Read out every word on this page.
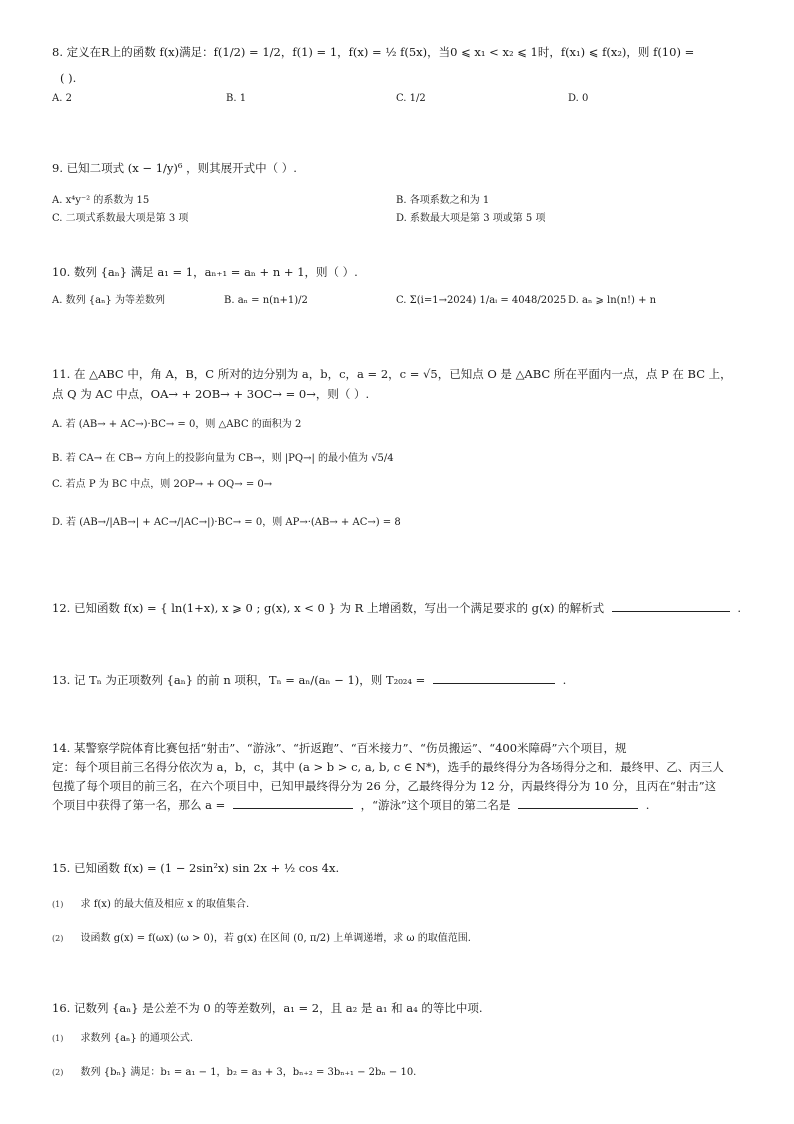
8. 定义在R上的函数 f(x)满足：f(1/2) = 1/2，f(1) = 1，f(x) = ½ f(5x)，当0 ⩽ x₁ < x₂ ⩽ 1时，f(x₁) ⩽ f(x₂)，则 f(10) =
( ).
A. 2	B. 1	C. 1/2	D. 0
9. 已知二项式 (x − 1/y)⁶ ，则其展开式中（ ）.
A. x⁴y⁻² 的系数为 15	B. 各项系数之和为 1
C. 二项式系数最大项是第 3 项	D. 系数最大项是第 3 项或第 5 项
10. 数列 {aₙ} 满足 a₁ = 1，aₙ₊₁ = aₙ + n + 1，则（ ）.
A. 数列 {aₙ} 为等差数列	B. aₙ = n(n+1)/2	C. Σ(i=1→2024) 1/aᵢ = 4048/2025 D. aₙ ⩾ ln(n!) + n
11. 在 △ABC 中，角 A，B，C 所对的边分别为 a，b，c，a = 2，c = √5，已知点 O 是 △ABC 所在平面内一点，点 P 在 BC 上，
点 Q 为 AC 中点，OA→ + 2OB→ + 3OC→ = 0→，则（ ）.
A. 若 (AB→ + AC→)·BC→ = 0，则 △ABC 的面积为 2
B. 若 CA→ 在 CB→ 方向上的投影向量为 CB→，则 |PQ→| 的最小值为 √5/4
C. 若点 P 为 BC 中点，则 2OP→ + OQ→ = 0→
D. 若 (AB→/|AB→| + AC→/|AC→|)·BC→ = 0，则 AP→·(AB→ + AC→) = 8
12. 已知函数 f(x) = { ln(1+x), x ⩾ 0 ; g(x), x < 0 } 为 R 上增函数，写出一个满足要求的 g(x) 的解析式	.
13. 记 Tₙ 为正项数列 {aₙ} 的前 n 项积，Tₙ = aₙ/(aₙ − 1)，则 T₂₀₂₄ =	.
14. 某警察学院体育比赛包括“射击”、“游泳”、“折返跑”、“百米接力”、“伤员搬运”、“400米障碍”六个项目，规
定：每个项目前三名得分依次为 a，b，c，其中 (a > b > c, a, b, c ∈ N*)，选手的最终得分为各场得分之和．最终甲、乙、丙三人
包揽了每个项目的前三名，在六个项目中，已知甲最终得分为 26 分，乙最终得分为 12 分，丙最终得分为 10 分，且丙在“射击”这
个项目中获得了第一名，那么 a =	，“游泳”这个项目的第二名是	.
15. 已知函数 f(x) = (1 − 2sin²x) sin 2x + ½ cos 4x.
$^{(1)}$ 求 f(x) 的最大值及相应 x 的取值集合.
$^{(2)}$ 设函数 g(x) = f(ωx) (ω > 0)，若 g(x) 在区间 (0, π/2) 上单调递增，求 ω 的取值范围.
16. 记数列 {aₙ} 是公差不为 0 的等差数列，a₁ = 2，且 a₂ 是 a₁ 和 a₄ 的等比中项.
$^{(1)}$ 求数列 {aₙ} 的通项公式.
$^{(2)}$ 数列 {bₙ} 满足：b₁ = a₁ − 1，b₂ = a₃ + 3，bₙ₊₂ = 3bₙ₊₁ − 2bₙ − 10.
